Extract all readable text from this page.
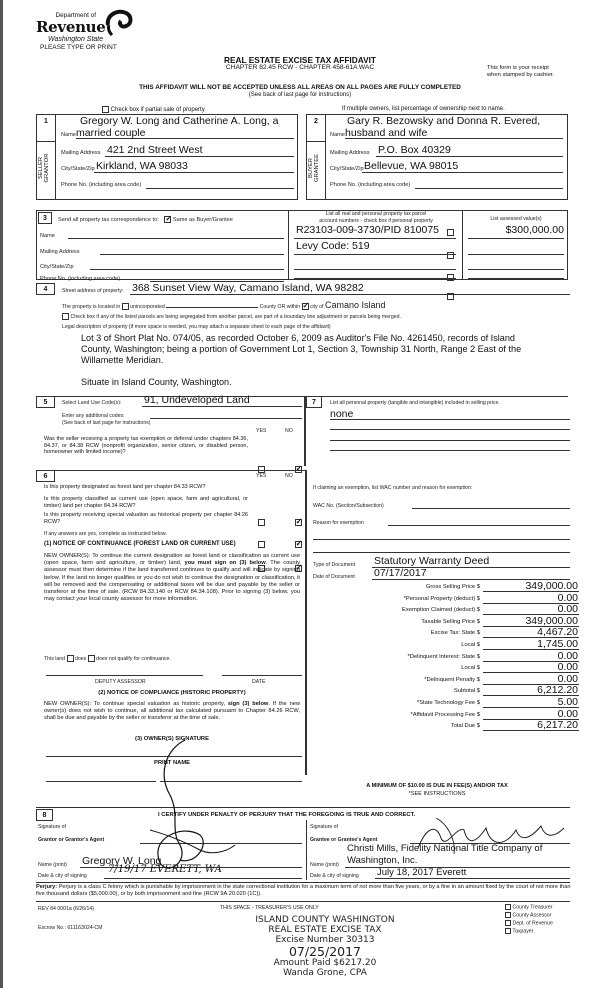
Department of
Revenue
Washington State
PLEASE TYPE OR PRINT
REAL ESTATE EXCISE TAX AFFIDAVIT
CHAPTER 82.45 RCW - CHAPTER 458-61A WAC	This form is your receipt
when stamped by cashier.
THIS AFFIDAVIT WILL NOT BE ACCEPTED UNLESS ALL AREAS ON ALL PAGES ARE FULLY COMPLETED
(See back of last page for instructions)
Check box if partial sale of property	If multiple owners, list percentage of ownership next to name.
1
SELLER GRANTOR
Gregory W. Long and Catherine A. Long, a
Name married couple
Mailing Address 421 2nd Street West
City/State/Zip Kirkland, WA 98033
Phone No. (including area code)
2
BUYER GRANTEE
Gary R. Bezowsky and Donna R. Evered,
Name husband and wife
Mailing Address P.O. Box 40329
City/State/Zip Bellevue, WA 98015
Phone No. (including area code)
3	Send all property tax correspondence to: ✓	Same as Buyer/Grantee
Name
Mailing Address
City/State/Zip
Phone No. (including area code)
List all real and personal property tax parcel
account numbers - check box if personal property	List assessed value(s)
R23103-009-3730/PID 810075	$300,000.00
Levy Code: 519
4	Street address of property: 368 Sunset View Way, Camano Island, WA 98282
The property is located in unincorporated	County OR within ✓ city of Camano Island
Check box if any of the listed parcels are being segregated from another parcel, are part of a boundary line adjustment or parcels being merged.
Legal description of property (if more space is needed, you may attach a separate sheet to each page of the affidavit)
Lot 3 of Short Plat No. 074/05, as recorded October 6, 2009 as Auditor's File No. 4261450, records of Island
County, Washington; being a portion of Government Lot 1, Section 3, Township 31 North, Range 2 East of the
Willamette Meridian.
Situate in Island County, Washington.
5	Select Land Use Code(s): 91, Undeveloped Land
Enter any additional codes:
(See back of last page for instructions)
YES	NO
Was the seller receiving a property tax exemption or deferral under chapters 84.36, 84.37, or 84.38 RCW (nonprofit organization, senior citizen, or disabled person, homeowner with limited income)?
✓
6	YES	NO
Is this property designated as forest land per chapter 84.33 RCW?
✓
Is this property classified as current use (open space, farm and agricultural, or timber) land per chapter 84.34 RCW?
✓
Is this property receiving special valuation as historical property per chapter 84.26 RCW?
✓
If any answers are yes, complete as instructed below.
(1) NOTICE OF CONTINUANCE (FOREST LAND OR CURRENT USE)
NEW OWNER(S): To continue the current designation as forest land or classification as current use (open space, farm and agriculture, or timber) land, you must sign on (3) below. The county assessor must then determine if the land transferred continues to qualify and will indicate by signing below. If the land no longer qualifies or you do not wish to continue the designation or classification, it will be removed and the compensating or additional taxes will be due and payable by the seller or transferor at the time of sale. (RCW 84.33.140 or RCW 84.34.108). Prior to signing (3) below, you may contact your local county assessor for more information.
This land does does not qualify for continuance.
DEPUTY ASSESSOR	DATE
(2) NOTICE OF COMPLIANCE (HISTORIC PROPERTY)
NEW OWNER(S): To continue special valuation as historic property, sign (3) below. If the new owner(s) does not wish to continue, all additional tax calculated pursuant to Chapter 84.26 RCW, shall be due and payable by the seller or transferor at the time of sale.
(3) OWNER(S) SIGNATURE
PRINT NAME
7	List all personal property (tangible and intangible) included in selling price.
none
If claiming an exemption, list WAC number and reason for exemption:
WAC No. (Section/Subsection)
Reason for exemption
Type of Document Statutory Warranty Deed
Date of Document 07/17/2017
Gross Selling Price $	349,000.00
*Personal Property (deduct) $	0.00
Exemption Claimed (deduct) $	0.00
Taxable Selling Price $	349,000.00
Excise Tax: State $	4,467.20
Local $	1,745.00
*Delinquent Interest: State $	0.00
Local $	0.00
*Delinquent Penalty $	0.00
Subtotal $	6,212.20
*State Technology Fee $	5.00
*Affidavit Processing Fee $	0.00
Total Due $	6,217.20
A MINIMUM OF $10.00 IS DUE IN FEE(S) AND/OR TAX
*SEE INSTRUCTIONS
8	I CERTIFY UNDER PENALTY OF PERJURY THAT THE FOREGOING IS TRUE AND CORRECT.
Signature of
Grantor or Grantor's Agent
Name (print) Gregory W. Long
Date & city of signing
7/19/17 EVERETT, WA
Signature of
Grantee or Grantee's Agent
Christi Mills, Fidelity National Title Company of
Name (print) Washington, Inc.
Date & city of signing July 18, 2017 Everett
Perjury: Perjury is a class C felony which is punishable by imprisonment in the state correctional institution for a maximum term of not more than five years, or by a fine in an amount fixed by the court of not more than five thousand dollars ($5,000.00), or by both imprisonment and fine (RCW 9A.20.020 (1C)).
REV 84 0001a (6/26/14)	THIS SPACE - TREASURER'S USE ONLY
Escrow No.: 611163024-CM
County Treasurer
County Assessor
Dept. of Revenue
Taxpayer
ISLAND COUNTY WASHINGTON
REAL ESTATE EXCISE TAX
Excise Number 30313
07/25/2017
Amount Paid $6217.20
Wanda Grone, CPA
